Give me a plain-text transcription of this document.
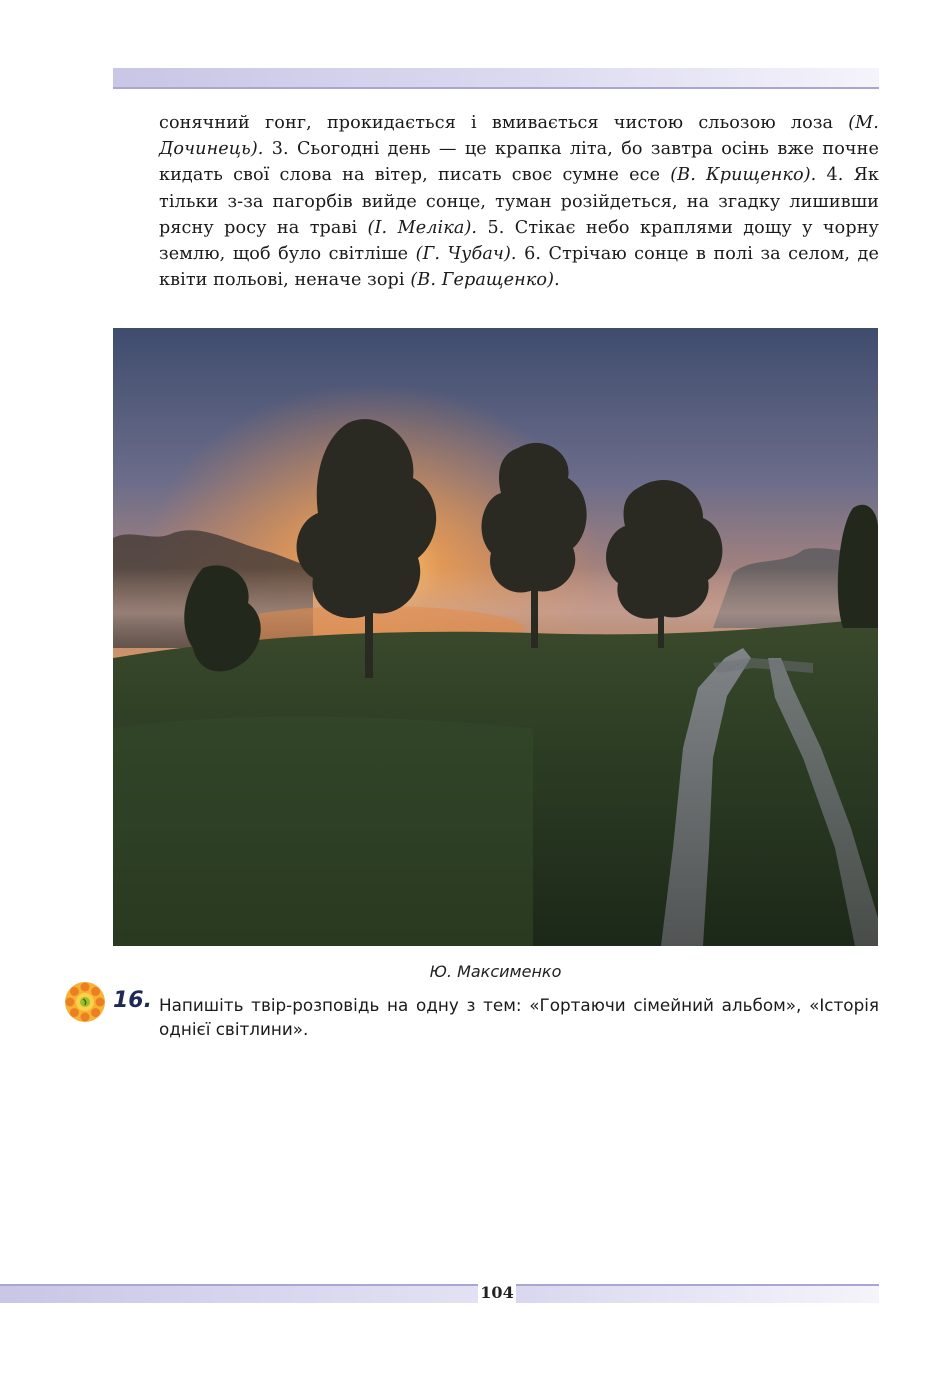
сонячний гонг, прокидається і вмивається чистою сльозою лоза (М. Дочинець). 3. Сьогодні день — це крапка літа, бо завтра осінь вже почне кидать свої слова на вітер, писать своє сумне есе (В. Крищенко). 4. Як тільки з-за пагорбів вийде сонце, туман розійдеться, на згадку лишивши рясну росу на траві (І. Меліка). 5. Стікає небо краплями дощу у чорну землю, щоб було світліше (Г. Чубач). 6. Стрічаю сонце в полі за селом, де квіти польові, неначе зорі (В. Геращенко).

Ю. Максименко
16. Напишіть твір-розповідь на одну з тем: «Гортаючи сімейний альбом», «Історія однієї світлини».
104
